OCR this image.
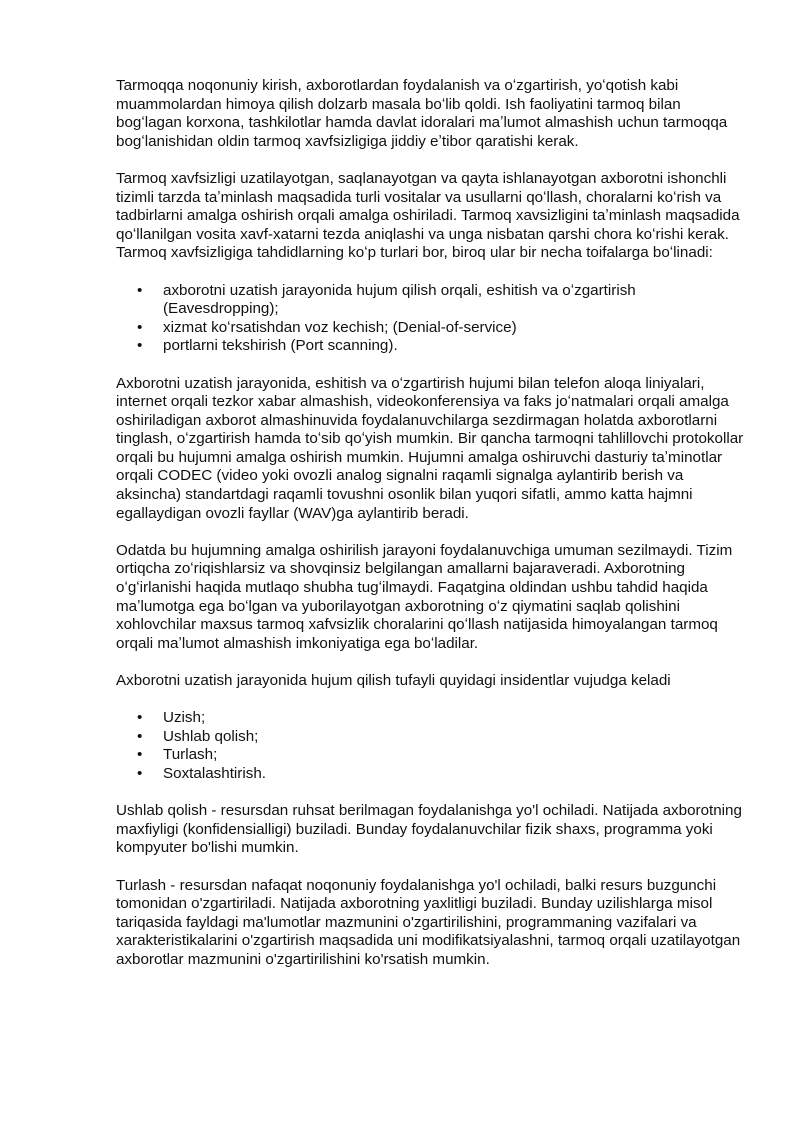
Tarmoqqa noqonuniy kirish, axborotlardan foydalanish va oʻzgartirish, yoʻqotish kabi muammolardan himoya qilish dolzarb masala boʻlib qoldi. Ish faoliyatini tarmoq bilan bogʻlagan korxona, tashkilotlar hamda davlat idoralari maʼlumot almashish uchun tarmoqqa bogʻlanishidan oldin tarmoq xavfsizligiga jiddiy eʼtibor qaratishi kerak.

Tarmoq xavfsizligi uzatilayotgan, saqlanayotgan va qayta ishlanayotgan axborotni ishonchli tizimli tarzda taʼminlash maqsadida turli vositalar va usullarni qoʻllash, choralarni koʻrish va tadbirlarni amalga oshirish orqali amalga oshiriladi. Tarmoq xavsizligini taʼminlash maqsadida qoʻllanilgan vosita xavf-xatarni tezda aniqlashi va unga nisbatan qarshi chora koʻrishi kerak. Tarmoq xavfsizligiga tahdidlarning koʻp turlari bor, biroq ular bir necha toifalarga boʻlinadi:

• axborotni uzatish jarayonida hujum qilish orqali, eshitish va oʻzgartirish (Eavesdropping);
• xizmat koʻrsatishdan voz kechish; (Denial-of-service)
• portlarni tekshirish (Port scanning).

Axborotni uzatish jarayonida, eshitish va oʻzgartirish hujumi bilan telefon aloqa liniyalari, internet orqali tezkor xabar almashish, videokonferensiya va faks joʻnatmalari orqali amalga oshiriladigan axborot almashinuvida foydalanuvchilarga sezdirmagan holatda axborotlarni tinglash, oʻzgartirish hamda toʻsib qoʻyish mumkin. Bir qancha tarmoqni tahlillovchi protokollar orqali bu hujumni amalga oshirish mumkin. Hujumni amalga oshiruvchi dasturiy taʼminotlar orqali CODEC (video yoki ovozli analog signalni raqamli signalga aylantirib berish va aksincha) standartdagi raqamli tovushni osonlik bilan yuqori sifatli, ammo katta hajmni egallaydigan ovozli fayllar (WAV)ga aylantirib beradi.

Odatda bu hujumning amalga oshirilish jarayoni foydalanuvchiga umuman sezilmaydi. Tizim ortiqcha zoʻriqishlarsiz va shovqinsiz belgilangan amallarni bajaraveradi. Axborotning oʻgʻirlanishi haqida mutlaqo shubha tugʻilmaydi. Faqatgina oldindan ushbu tahdid haqida maʼlumotga ega boʻlgan va yuborilayotgan axborotning oʻz qiymatini saqlab qolishini xohlovchilar maxsus tarmoq xafvsizlik choralarini qoʻllash natijasida himoyalangan tarmoq orqali maʼlumot almashish imkoniyatiga ega boʻladilar.

Axborotni uzatish jarayonida hujum qilish tufayli quyidagi insidentlar vujudga keladi

• Uzish;
• Ushlab qolish;
• Turlash;
• Soxtalashtirish.

Ushlab qolish - resursdan ruhsat berilmagan foydalanishga yo'l ochiladi. Natijada axborotning maxfiyligi (konfidensialligi) buziladi. Bunday foydalanuvchilar fizik shaxs, programma yoki kompyuter bo'lishi mumkin.

Turlash - resursdan nafaqat noqonuniy foydalanishga yo'l ochiladi, balki resurs buzgunchi tomonidan o'zgartiriladi. Natijada axborotning yaxlitligi buziladi. Bunday uzilishlarga misol tariqasida fayldagi ma'lumotlar mazmunini o'zgartirilishini, programmaning vazifalari va xarakteristikalarini o'zgartirish maqsadida uni modifikatsiyalashni, tarmoq orqali uzatilayotgan axborotlar mazmunini o'zgartirilishini ko'rsatish mumkin.
